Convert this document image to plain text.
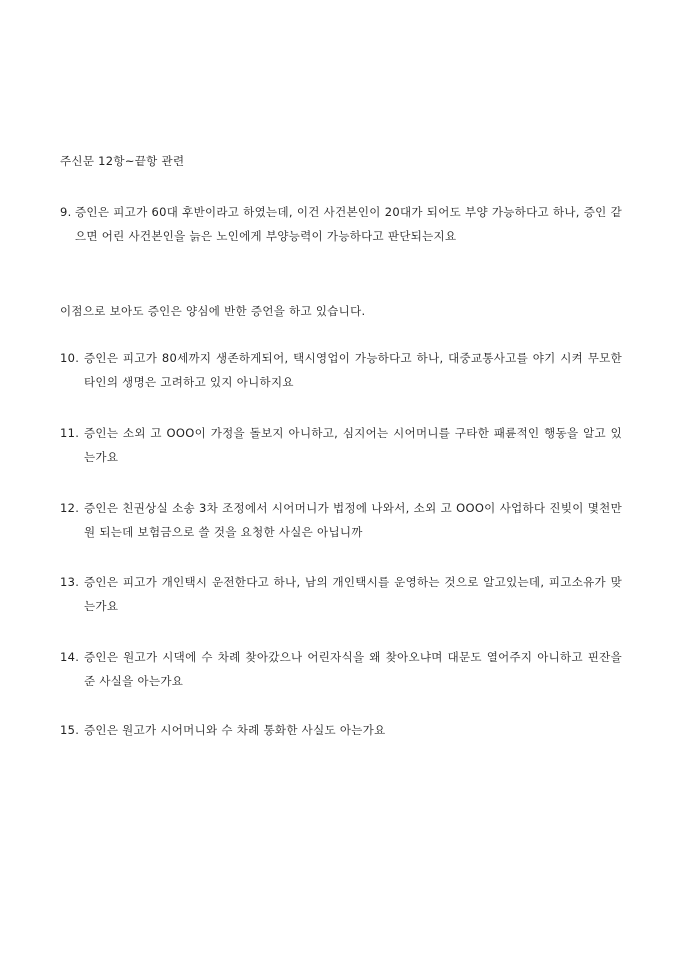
주신문 12항~끝항 관련
9. 증인은 피고가 60대 후반이라고 하였는데, 이건 사건본인이 20대가 되어도 부양 가능하다고 하나, 증인 같으면 어린 사건본인을 늙은 노인에게 부양능력이 가능하다고 판단되는지요
이점으로 보아도 증인은 양심에 반한 증언을 하고 있습니다.
10. 증인은 피고가 80세까지 생존하게되어, 택시영업이 가능하다고 하나, 대중교통사고를 야기 시켜 무모한 타인의 생명은 고려하고 있지 아니하지요
11. 증인는 소외 고 OOO이 가정을 돌보지 아니하고, 심지어는 시어머니를 구타한 패륜적인 행동을 알고 있는가요
12. 증인은 친권상실 소송 3차 조정에서 시어머니가 법정에 나와서, 소외 고 OOO이 사업하다 진빚이 몇천만원 되는데 보험금으로 쓸 것을 요청한 사실은 아닙니까
13. 증인은 피고가 개인택시 운전한다고 하나, 남의 개인택시를 운영하는 것으로 알고있는데, 피고소유가 맞는가요
14. 증인은 원고가 시댁에 수 차례 찾아갔으나 어린자식을 왜 찾아오냐며 대문도 열어주지 아니하고 핀잔을 준 사실을 아는가요
15. 증인은 원고가 시어머니와 수 차례 통화한 사실도 아는가요
